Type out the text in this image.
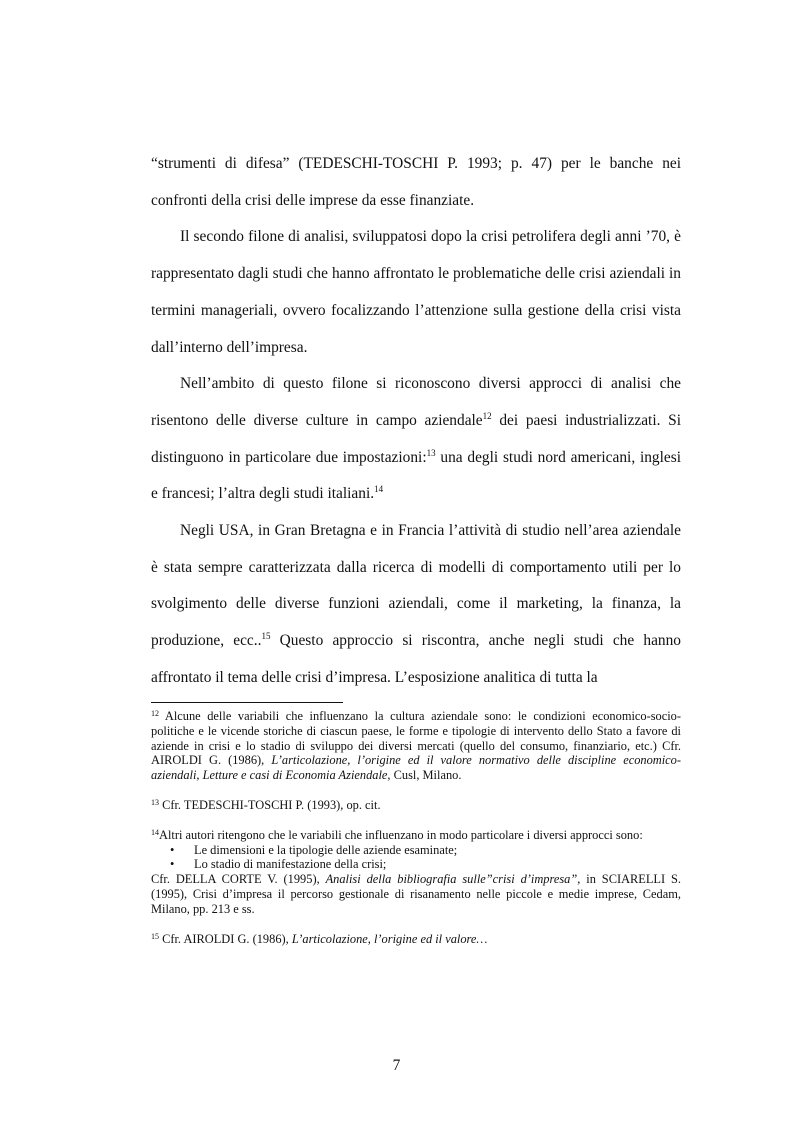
“strumenti di difesa” (TEDESCHI-TOSCHI P. 1993; p. 47) per le banche nei confronti della crisi delle imprese da esse finanziate.

Il secondo filone di analisi, sviluppatosi dopo la crisi petrolifera degli anni ’70, è rappresentato dagli studi che hanno affrontato le problematiche delle crisi aziendali in termini manageriali, ovvero focalizzando l’attenzione sulla gestione della crisi vista dall’interno dell’impresa.

Nell’ambito di questo filone si riconoscono diversi approcci di analisi che risentono delle diverse culture in campo aziendale$^{12}$ dei paesi industrializzati. Si distinguono in particolare due impostazioni:$^{13}$ una degli studi nord americani, inglesi e francesi; l’altra degli studi italiani.$^{14}$

Negli USA, in Gran Bretagna e in Francia l’attività di studio nell’area aziendale è stata sempre caratterizzata dalla ricerca di modelli di comportamento utili per lo svolgimento delle diverse funzioni aziendali, come il marketing, la finanza, la produzione, ecc..$^{15}$ Questo approccio si riscontra, anche negli studi che hanno affrontato il tema delle crisi d’impresa. L’esposizione analitica di tutta la

$^{12}$ Alcune delle variabili che influenzano la cultura aziendale sono: le condizioni economico-socio-politiche e le vicende storiche di ciascun paese, le forme e tipologie di intervento dello Stato a favore di aziende in crisi e lo stadio di sviluppo dei diversi mercati (quello del consumo, finanziario, etc.) Cfr. AIROLDI G. (1986), L’articolazione, l’origine ed il valore normativo delle discipline economico-aziendali, Letture e casi di Economia Aziendale, Cusl, Milano.
$^{13}$ Cfr. TEDESCHI-TOSCHI P. (1993), op. cit.
$^{14}$Altri autori ritengono che le variabili che influenzano in modo particolare i diversi approcci sono:
• Le dimensioni e la tipologie delle aziende esaminate;
• Lo stadio di manifestazione della crisi;
Cfr. DELLA CORTE V. (1995), Analisi della bibliografia sulle”crisi d’impresa”, in SCIARELLI S. (1995), Crisi d’impresa il percorso gestionale di risanamento nelle piccole e medie imprese, Cedam, Milano, pp. 213 e ss.
$^{15}$ Cfr. AIROLDI G. (1986), L’articolazione, l’origine ed il valore…
7
